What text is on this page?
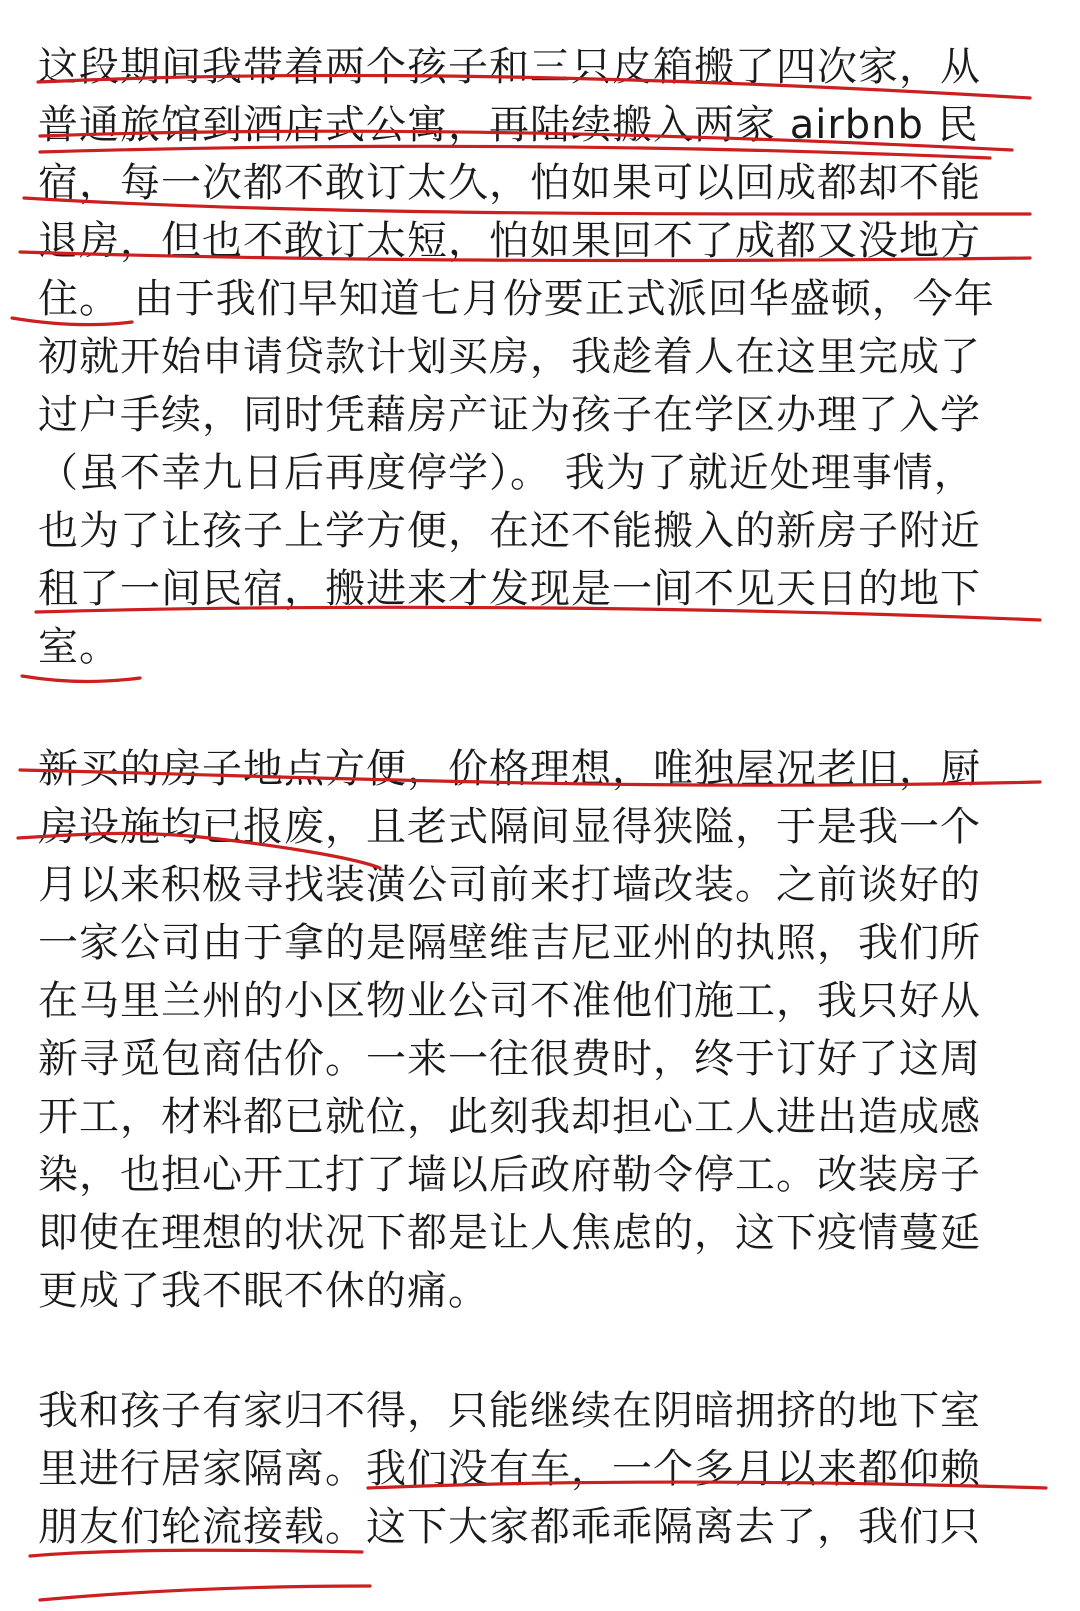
这段期间我带着两个孩子和三只皮箱搬了四次家，从
普通旅馆到酒店式公寓，再陆续搬入两家 airbnb 民
宿，每一次都不敢订太久，怕如果可以回成都却不能
退房，但也不敢订太短，怕如果回不了成都又没地方
住。 由于我们早知道七月份要正式派回华盛顿，今年
初就开始申请贷款计划买房，我趁着人在这里完成了
过户手续，同时凭藉房产证为孩子在学区办理了入学
（虽不幸九日后再度停学）。 我为了就近处理事情，
也为了让孩子上学方便，在还不能搬入的新房子附近
租了一间民宿，搬进来才发现是一间不见天日的地下
室。
新买的房子地点方便，价格理想，唯独屋况老旧，厨
房设施均已报废，且老式隔间显得狭隘，于是我一个
月以来积极寻找装潢公司前来打墙改装。之前谈好的
一家公司由于拿的是隔壁维吉尼亚州的执照，我们所
在马里兰州的小区物业公司不准他们施工，我只好从
新寻觅包商估价。一来一往很费时，终于订好了这周
开工，材料都已就位，此刻我却担心工人进出造成感
染，也担心开工打了墙以后政府勒令停工。改装房子
即使在理想的状况下都是让人焦虑的，这下疫情蔓延
更成了我不眠不休的痛。
我和孩子有家归不得，只能继续在阴暗拥挤的地下室
里进行居家隔离。我们没有车，一个多月以来都仰赖
朋友们轮流接载。这下大家都乖乖隔离去了，我们只
